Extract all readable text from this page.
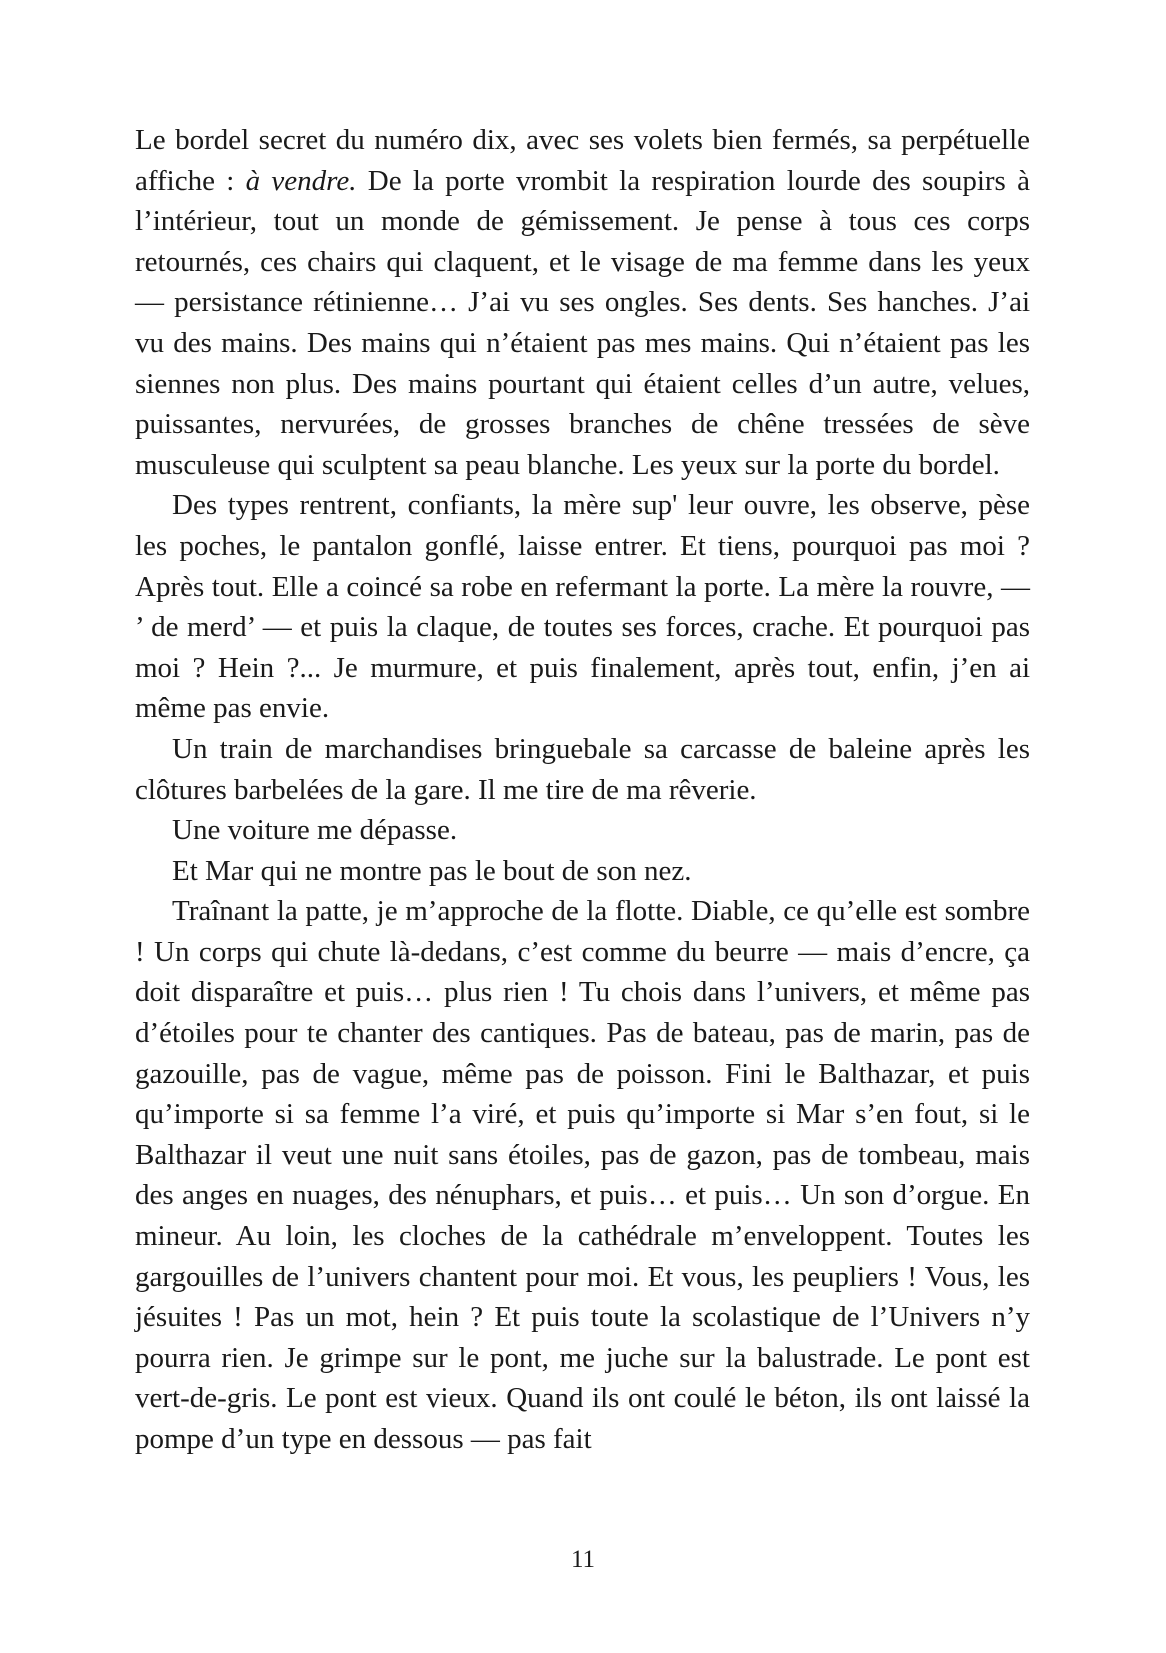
Le bordel secret du numéro dix, avec ses volets bien fermés, sa perpétuelle affiche : à vendre. De la porte vrombit la respiration lourde des soupirs à l’intérieur, tout un monde de gémissement. Je pense à tous ces corps retournés, ces chairs qui claquent, et le visage de ma femme dans les yeux — persistance rétinienne… J’ai vu ses ongles. Ses dents. Ses hanches. J’ai vu des mains. Des mains qui n’étaient pas mes mains. Qui n’étaient pas les siennes non plus. Des mains pourtant qui étaient celles d’un autre, velues, puissantes, nervurées, de grosses branches de chêne tressées de sève musculeuse qui sculptent sa peau blanche. Les yeux sur la porte du bordel.

Des types rentrent, confiants, la mère sup' leur ouvre, les observe, pèse les poches, le pantalon gonflé, laisse entrer. Et tiens, pourquoi pas moi ? Après tout. Elle a coincé sa robe en refermant la porte. La mère la rouvre, — ’ de merd’ — et puis la claque, de toutes ses forces, crache. Et pourquoi pas moi ? Hein ?... Je murmure, et puis finalement, après tout, enfin, j’en ai même pas envie.

Un train de marchandises bringuebale sa carcasse de baleine après les clôtures barbelées de la gare. Il me tire de ma rêverie.

Une voiture me dépasse.

Et Mar qui ne montre pas le bout de son nez.

Traînant la patte, je m’approche de la flotte. Diable, ce qu’elle est sombre ! Un corps qui chute là-dedans, c’est comme du beurre — mais d’encre, ça doit disparaître et puis… plus rien ! Tu chois dans l’univers, et même pas d’étoiles pour te chanter des cantiques. Pas de bateau, pas de marin, pas de gazouille, pas de vague, même pas de poisson. Fini le Balthazar, et puis qu’importe si sa femme l’a viré, et puis qu’importe si Mar s’en fout, si le Balthazar il veut une nuit sans étoiles, pas de gazon, pas de tombeau, mais des anges en nuages, des nénuphars, et puis… et puis… Un son d’orgue. En mineur. Au loin, les cloches de la cathédrale m’enveloppent. Toutes les gargouilles de l’univers chantent pour moi. Et vous, les peupliers ! Vous, les jésuites ! Pas un mot, hein ? Et puis toute la scolastique de l’Univers n’y pourra rien. Je grimpe sur le pont, me juche sur la balustrade. Le pont est vert-de-gris. Le pont est vieux. Quand ils ont coulé le béton, ils ont laissé la pompe d’un type en dessous — pas fait

11
